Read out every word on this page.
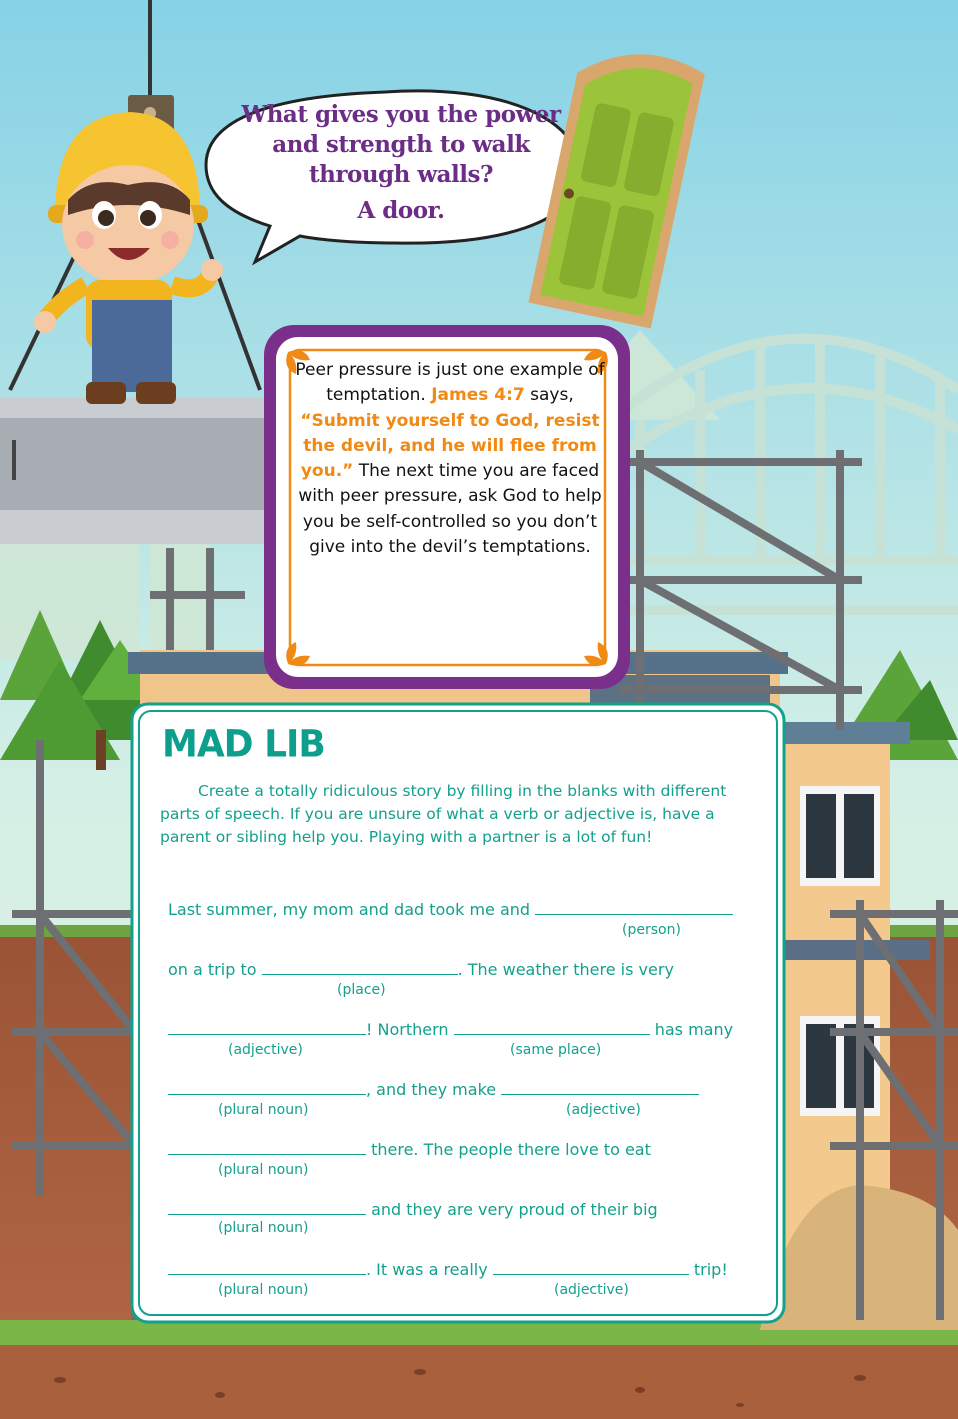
What gives you the power and strength to walk through walls?
A door.
Peer pressure is just one example of temptation. James 4:7 says, “Submit yourself to God, resist the devil, and he will flee from you.” The next time you are faced with peer pressure, ask God to help you be self-controlled so you don’t give into the devil’s temptations.
MAD LIB
Create a totally ridiculous story by filling in the blanks with different parts of speech. If you are unsure of what a verb or adjective is, have a parent or sibling help you. Playing with a partner is a lot of fun!
Last summer, my mom and dad took me and
(person)
on a trip to	. The weather there is very
(place)
! Northern	has many
(adjective)	(same place)
, and they make
(plural noun)	(adjective)
there. The people there love to eat
(plural noun)
and they are very proud of their big
(plural noun)
. It was a really	trip!
(plural noun)	(adjective)
